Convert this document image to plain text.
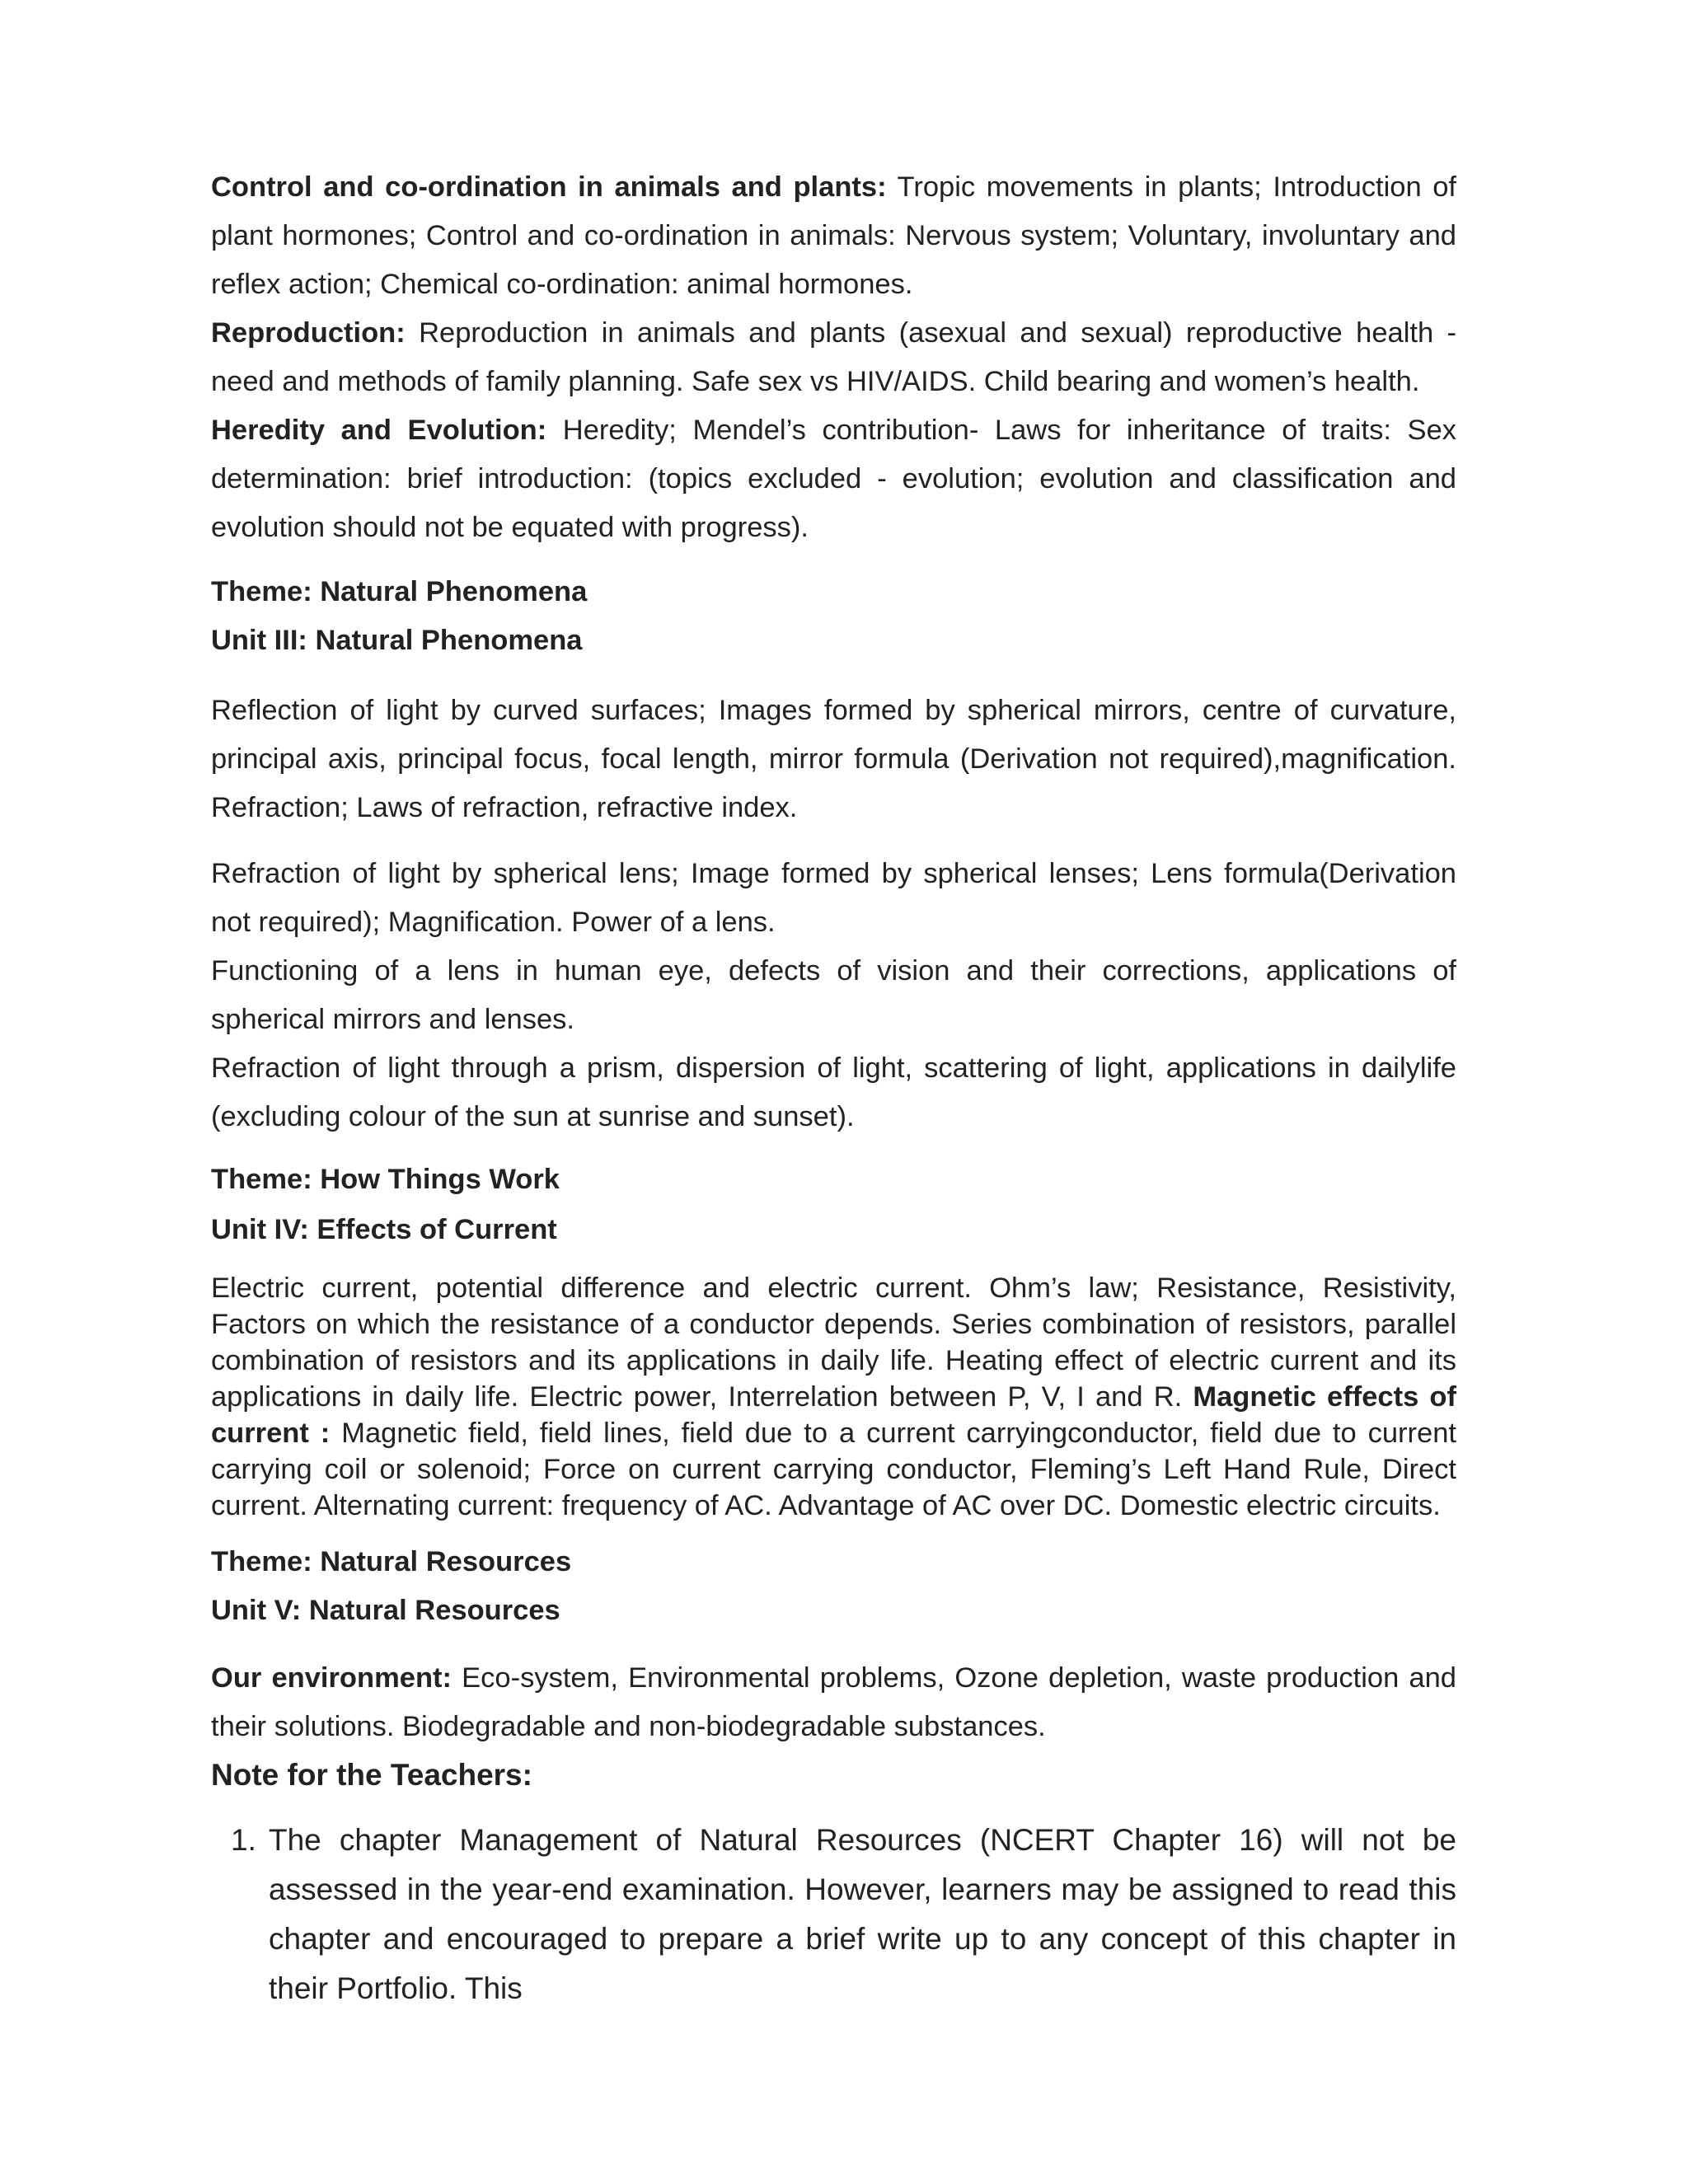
Control and co-ordination in animals and plants: Tropic movements in plants; Introduction of plant hormones; Control and co-ordination in animals: Nervous system; Voluntary, involuntary and reflex action; Chemical co-ordination: animal hormones.

Reproduction: Reproduction in animals and plants (asexual and sexual) reproductive health - need and methods of family planning. Safe sex vs HIV/AIDS. Child bearing and women’s health.

Heredity and Evolution: Heredity; Mendel’s contribution- Laws for inheritance of traits: Sex determination: brief introduction: (topics excluded - evolution; evolution and classification and evolution should not be equated with progress).

Theme: Natural Phenomena
Unit III: Natural Phenomena

Reflection of light by curved surfaces; Images formed by spherical mirrors, centre of curvature, principal axis, principal focus, focal length, mirror formula (Derivation not required),magnification. Refraction; Laws of refraction, refractive index.

Refraction of light by spherical lens; Image formed by spherical lenses; Lens formula(Derivation not required); Magnification. Power of a lens.

Functioning of a lens in human eye, defects of vision and their corrections, applications of spherical mirrors and lenses.

Refraction of light through a prism, dispersion of light, scattering of light, applications in dailylife (excluding colour of the sun at sunrise and sunset).

Theme: How Things Work
Unit IV: Effects of Current

Electric current, potential difference and electric current. Ohm’s law; Resistance, Resistivity, Factors on which the resistance of a conductor depends. Series combination of resistors, parallel combination of resistors and its applications in daily life. Heating effect of electric current and its applications in daily life. Electric power, Interrelation between P, V, I and R. Magnetic effects of current : Magnetic field, field lines, field due to a current carryingconductor, field due to current carrying coil or solenoid; Force on current carrying conductor, Fleming’s Left Hand Rule, Direct current. Alternating current: frequency of AC. Advantage of AC over DC. Domestic electric circuits.

Theme: Natural Resources
Unit V: Natural Resources

Our environment: Eco-system, Environmental problems, Ozone depletion, waste production and their solutions. Biodegradable and non-biodegradable substances.

Note for the Teachers:
1. The chapter Management of Natural Resources (NCERT Chapter 16) will not be assessed in the year-end examination. However, learners may be assigned to read this chapter and encouraged to prepare a brief write up to any concept of this chapter in their Portfolio. This
